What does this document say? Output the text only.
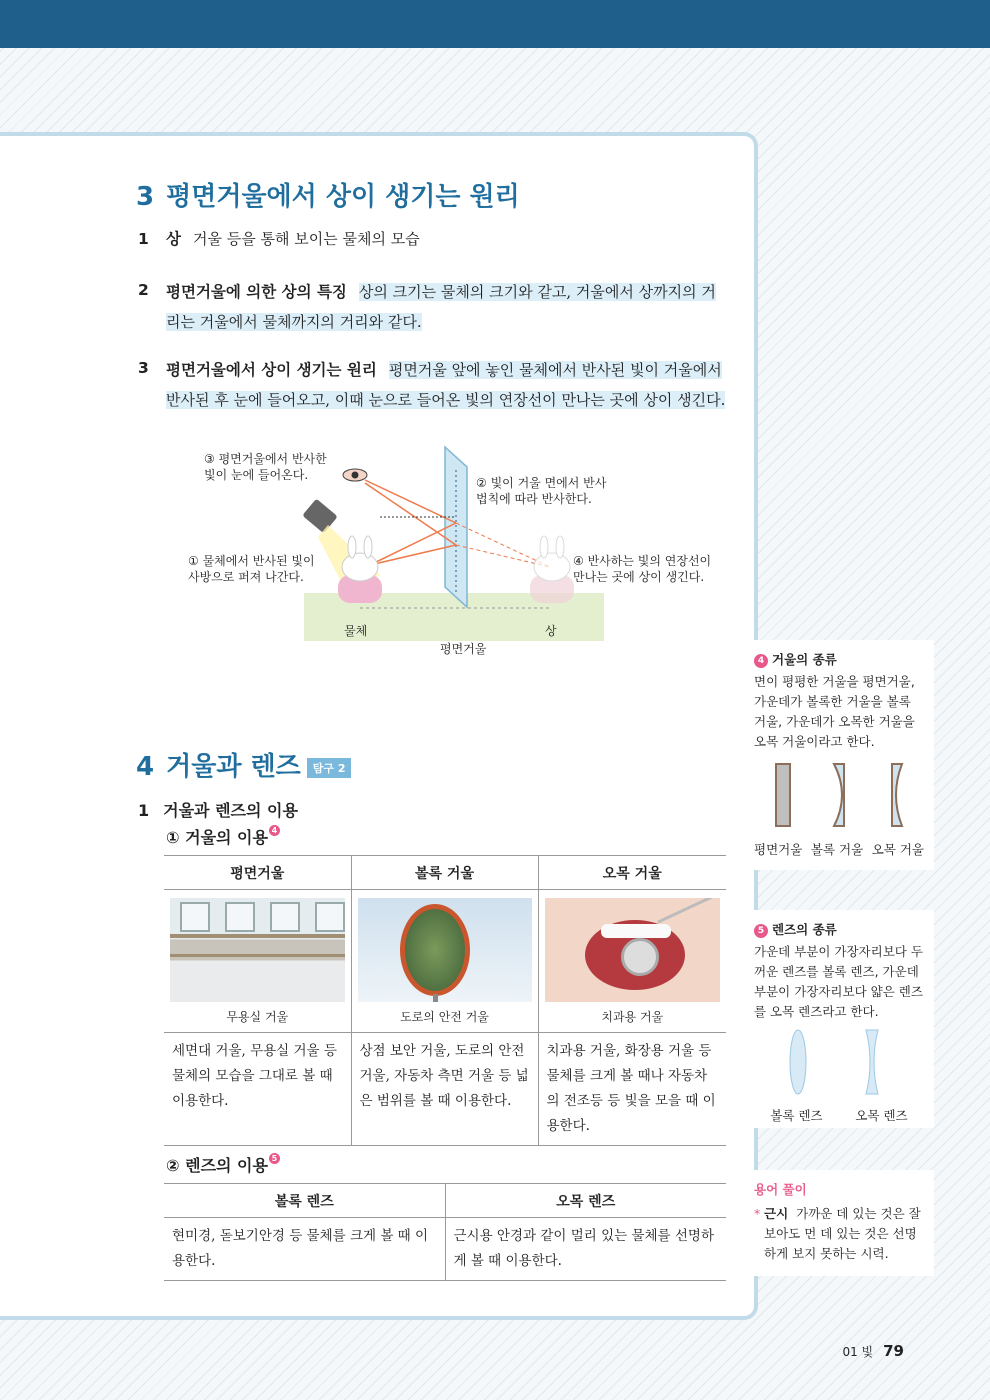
3 평면거울에서 상이 생기는 원리
1 상 거울 등을 통해 보이는 물체의 모습
2 평면거울에 의한 상의 특징 상의 크기는 물체의 크기와 같고, 거울에서 상까지의 거리는 거울에서 물체까지의 거리와 같다.
3 평면거울에서 상이 생기는 원리 평면거울 앞에 놓인 물체에서 반사된 빛이 거울에서 반사된 후 눈에 들어오고, 이때 눈으로 들어온 빛의 연장선이 만나는 곳에 상이 생긴다.
③ 평면거울에서 반사한
빛이 눈에 들어온다.
② 빛이 거울 면에서 반사
법칙에 따라 반사한다.
① 물체에서 반사된 빛이
사방으로 퍼져 나간다.
④ 반사하는 빛의 연장선이
만나는 곳에 상이 생긴다.
물체
평면거울
상
4 거울과 렌즈 탐구 2
1 거울과 렌즈의 이용
① 거울의 이용 4
평면거울	볼록 거울	오목 거울

무용실 거울	도로의 안전 거울	치과용 거울
세면대 거울, 무용실 거울 등 물체의 모습을 그대로 볼 때 이용한다.	상점 보안 거울, 도로의 안전 거울, 자동차 측면 거울 등 넓은 범위를 볼 때 이용한다.	치과용 거울, 화장용 거울 등 물체를 크게 볼 때나 자동차의 전조등 등 빛을 모을 때 이용한다.
② 렌즈의 이용 5
볼록 렌즈	오목 렌즈
현미경, 돋보기안경 등 물체를 크게 볼 때 이용한다.	근시용 안경과 같이 멀리 있는 물체를 선명하게 볼 때 이용한다.
4 거울의 종류
면이 평평한 거울을 평면거울, 가운데가 볼록한 거울을 볼록 거울, 가운데가 오목한 거울을 오목 거울이라고 한다.
평면거울 볼록 거울 오목 거울
5 렌즈의 종류
가운데 부분이 가장자리보다 두꺼운 렌즈를 볼록 렌즈, 가운데 부분이 가장자리보다 얇은 렌즈를 오목 렌즈라고 한다.
볼록 렌즈	오목 렌즈
용어 풀이
* 근시 가까운 데 있는 것은 잘 보아도 먼 데 있는 것은 선명하게 보지 못하는 시력.
01 빛 79
